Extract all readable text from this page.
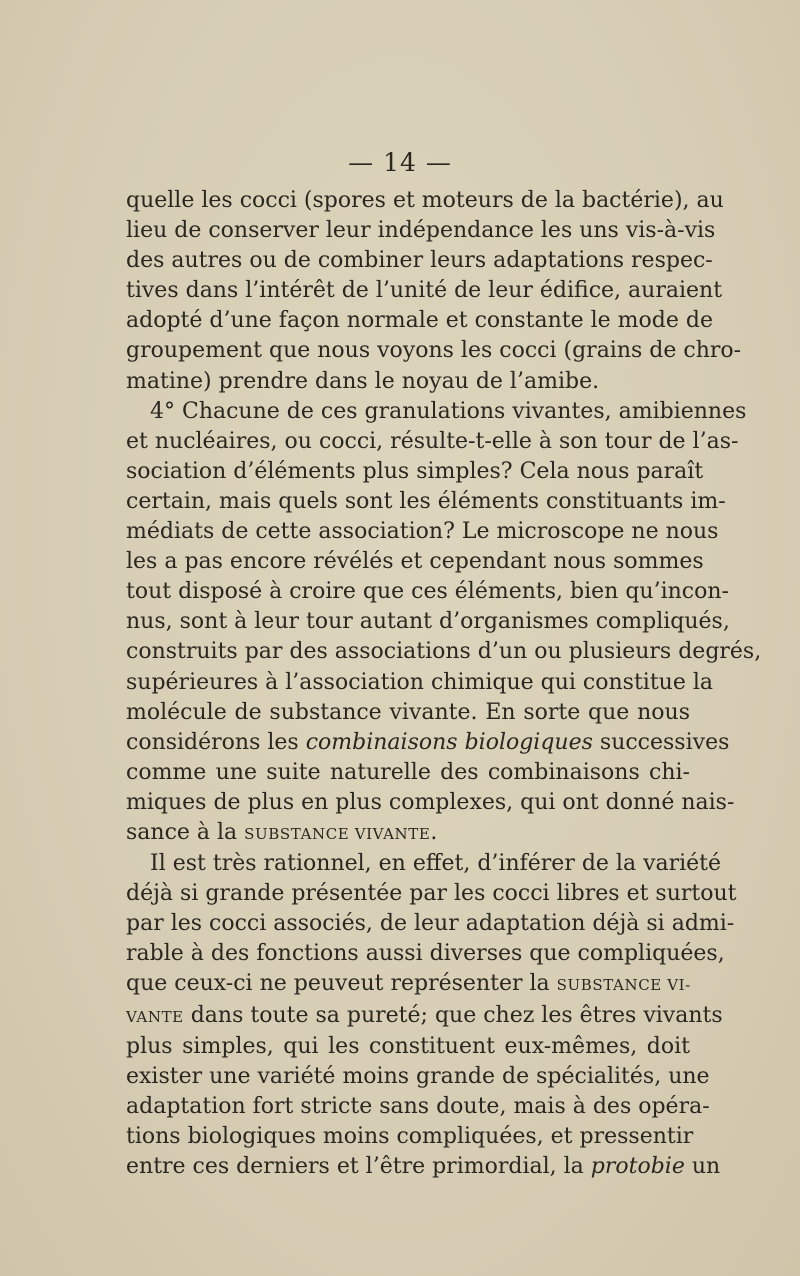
— 14 —
quelle les cocci (spores et moteurs de la bactérie), au
lieu de conserver leur indépendance les uns vis-à-vis
des autres ou de combiner leurs adaptations respec-
tives dans l’intérêt de l’unité de leur édifice, auraient
adopté d’une façon normale et constante le mode de
groupement que nous voyons les cocci (grains de chro-
matine) prendre dans le noyau de l’amibe.
4° Chacune de ces granulations vivantes, amibiennes
et nucléaires, ou cocci, résulte-t-elle à son tour de l’as-
sociation d’éléments plus simples? Cela nous paraît
certain, mais quels sont les éléments constituants im-
médiats de cette association? Le microscope ne nous
les a pas encore révélés et cependant nous sommes
tout disposé à croire que ces éléments, bien qu’incon-
nus, sont à leur tour autant d’organismes compliqués,
construits par des associations d’un ou plusieurs degrés,
supérieures à l’association chimique qui constitue la
molécule de substance vivante. En sorte que nous
considérons les combinaisons biologiques successives
comme une suite naturelle des combinaisons chi-
miques de plus en plus complexes, qui ont donné nais-
sance à la SUBSTANCE VIVANTE.
Il est très rationnel, en effet, d’inférer de la variété
déjà si grande présentée par les cocci libres et surtout
par les cocci associés, de leur adaptation déjà si admi-
rable à des fonctions aussi diverses que compliquées,
que ceux-ci ne peuveut représenter la SUBSTANCE VI-
VANTE dans toute sa pureté; que chez les êtres vivants
plus simples, qui les constituent eux-mêmes, doit
exister une variété moins grande de spécialités, une
adaptation fort stricte sans doute, mais à des opéra-
tions biologiques moins compliquées, et pressentir
entre ces derniers et l’être primordial, la protobie un
